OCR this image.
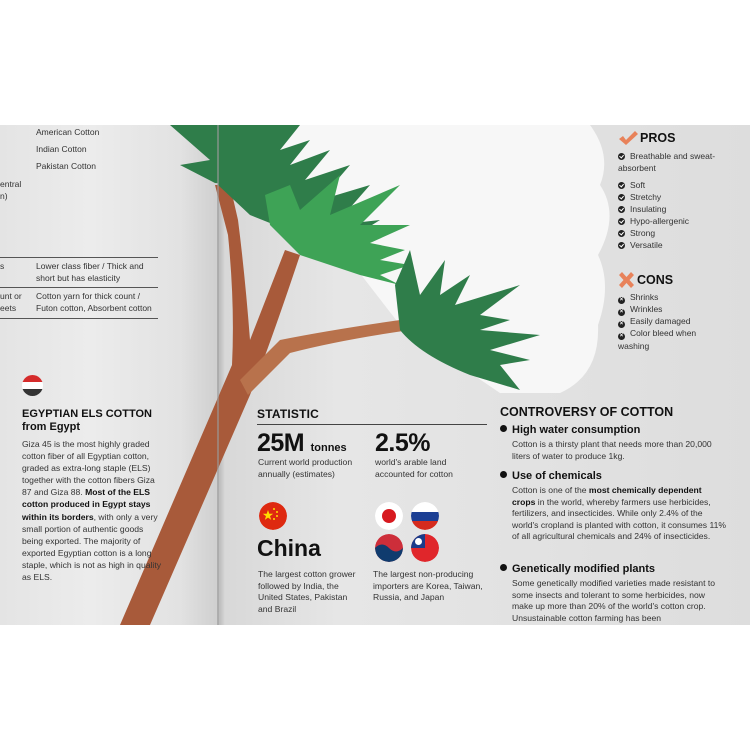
American Cotton
Indian Cotton
Pakistan Cotton
entral
n)
s	Lower class fiber / Thick and
short but has elasticity
unt or
eets
Cotton yarn for thick count /
Futon cotton, Absorbent cotton
EGYPTIAN ELS COTTON
from Egypt
Giza 45 is the most highly graded cotton fiber of all Egyptian cotton, graded as extra-long staple (ELS) together with the cotton fibers Giza 87 and Giza 88. Most of the ELS cotton produced in Egypt stays within its borders, with only a very small portion of authentic goods being exported. The majority of exported Egyptian cotton is a long staple, which is not as high in quality as ELS.
PROS
Breathable and sweat-absorbent
Soft
Stretchy
Insulating
Hypo-allergenic
Strong
Versatile
CONS
× Shrinks
× Wrinkles
× Easily damaged
× Color bleed when washing
STATISTIC
25M tonnes
Current world production annually (estimates)
2.5%
world's arable land accounted for cotton
China
The largest cotton grower followed by India, the United States, Pakistan and Brazil
The largest non-producing importers are Korea, Taiwan, Russia, and Japan
CONTROVERSY OF COTTON
High water consumption
Cotton is a thirsty plant that needs more than 20,000 liters of water to produce 1kg.
Use of chemicals
Cotton is one of the most chemically dependent crops in the world, whereby farmers use herbicides, fertilizers, and insecticides. While only 2.4% of the world's cropland is planted with cotton, it consumes 11% of all agricultural chemicals and 24% of insecticides.
Genetically modified plants
Some genetically modified varieties made resistant to some insects and tolerant to some herbicides, now make up more than 20% of the world's cotton crop. Unsustainable cotton farming has been
